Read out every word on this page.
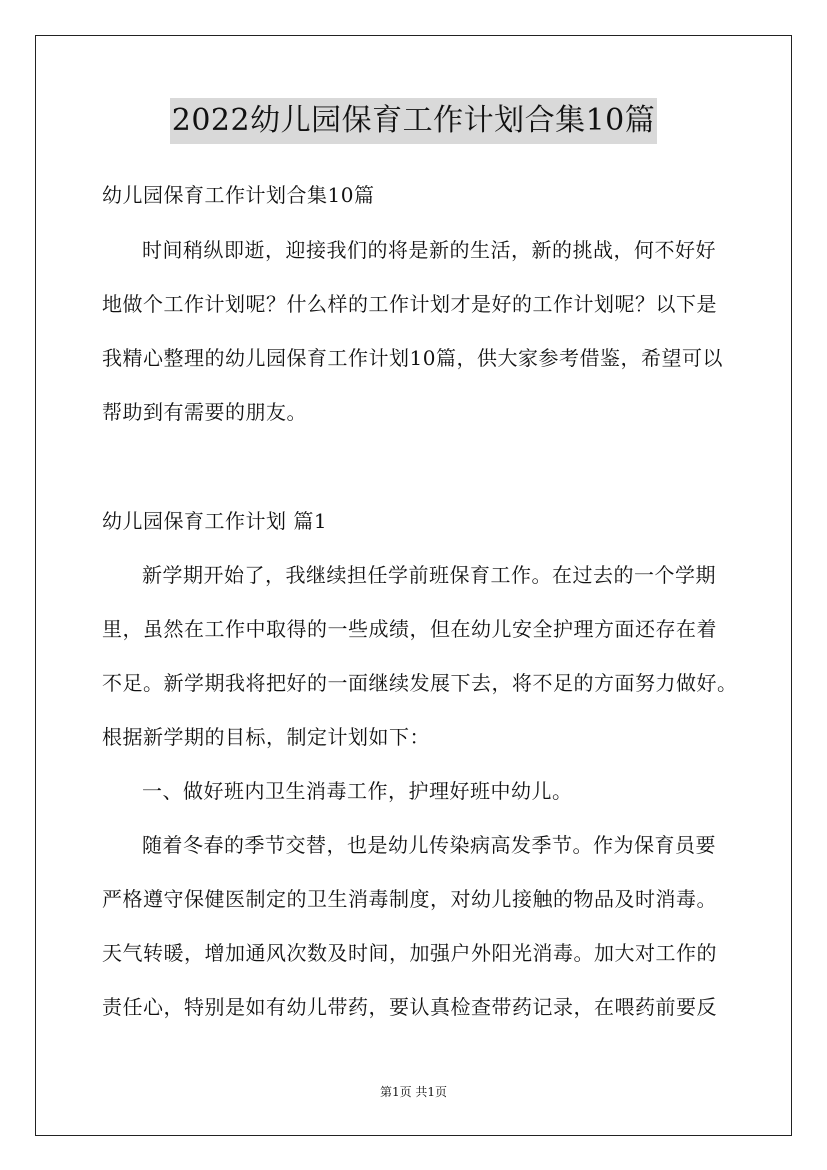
2022幼儿园保育工作计划合集10篇
幼儿园保育工作计划合集10篇
时间稍纵即逝，迎接我们的将是新的生活，新的挑战，何不好好
地做个工作计划呢？什么样的工作计划才是好的工作计划呢？以下是
我精心整理的幼儿园保育工作计划10篇，供大家参考借鉴，希望可以
帮助到有需要的朋友。
幼儿园保育工作计划 篇1
新学期开始了，我继续担任学前班保育工作。在过去的一个学期
里，虽然在工作中取得的一些成绩，但在幼儿安全护理方面还存在着
不足。新学期我将把好的一面继续发展下去，将不足的方面努力做好。
根据新学期的目标，制定计划如下：
一、做好班内卫生消毒工作，护理好班中幼儿。
随着冬春的季节交替，也是幼儿传染病高发季节。作为保育员要
严格遵守保健医制定的卫生消毒制度，对幼儿接触的物品及时消毒。
天气转暖，增加通风次数及时间，加强户外阳光消毒。加大对工作的
责任心，特别是如有幼儿带药，要认真检查带药记录，在喂药前要反
第1页 共1页
